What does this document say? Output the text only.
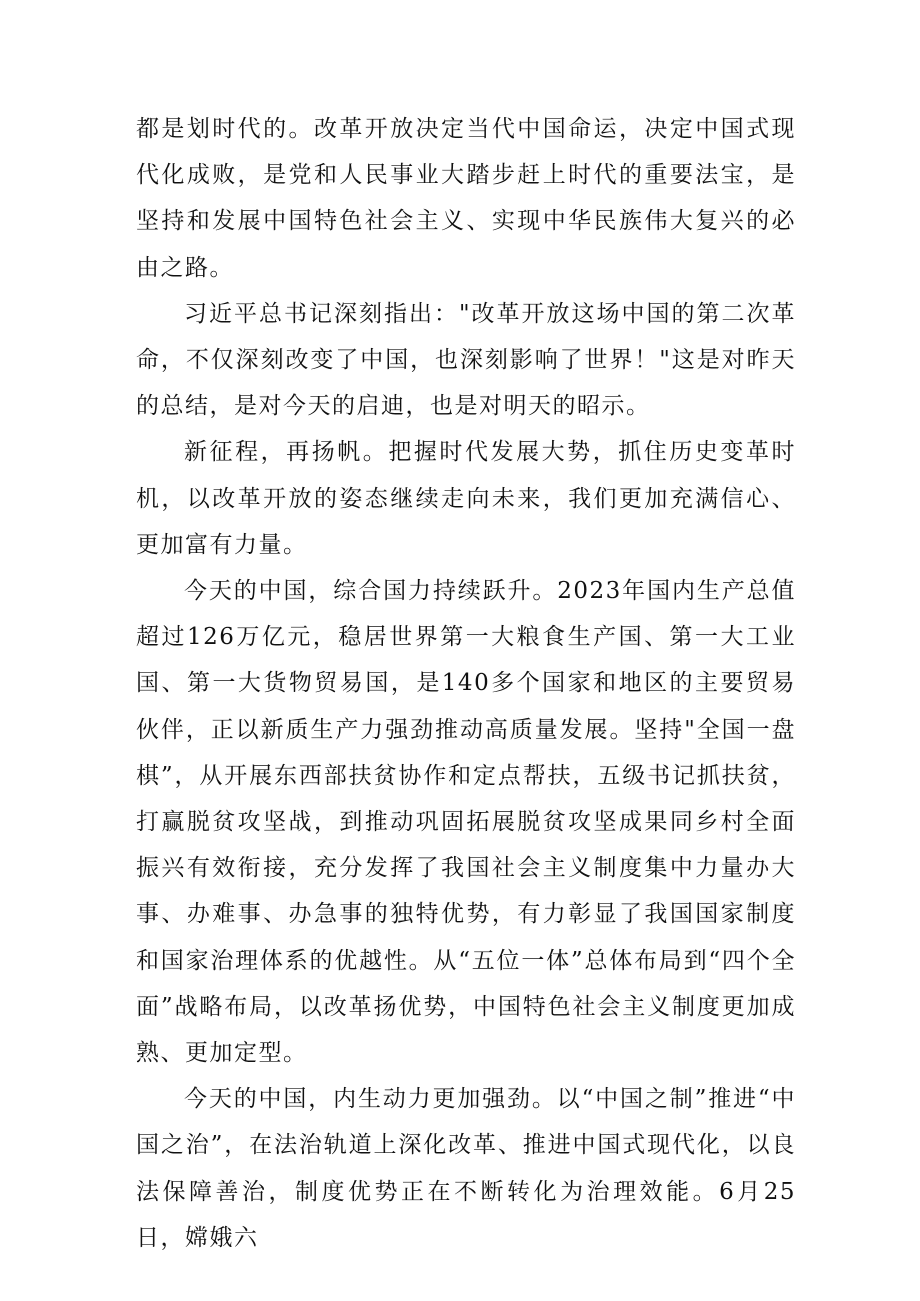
都是划时代的。改革开放决定当代中国命运，决定中国式现代化成败，是党和人民事业大踏步赶上时代的重要法宝，是坚持和发展中国特色社会主义、实现中华民族伟大复兴的必由之路。

习近平总书记深刻指出："改革开放这场中国的第二次革命，不仅深刻改变了中国，也深刻影响了世界！"这是对昨天的总结，是对今天的启迪，也是对明天的昭示。

新征程，再扬帆。把握时代发展大势，抓住历史变革时机，以改革开放的姿态继续走向未来，我们更加充满信心、更加富有力量。

今天的中国，综合国力持续跃升。2023年国内生产总值超过126万亿元，稳居世界第一大粮食生产国、第一大工业国、第一大货物贸易国，是140多个国家和地区的主要贸易伙伴，正以新质生产力强劲推动高质量发展。坚持"全国一盘棋”，从开展东西部扶贫协作和定点帮扶，五级书记抓扶贫，打赢脱贫攻坚战，到推动巩固拓展脱贫攻坚成果同乡村全面振兴有效衔接，充分发挥了我国社会主义制度集中力量办大事、办难事、办急事的独特优势，有力彰显了我国国家制度和国家治理体系的优越性。从“五位一体”总体布局到“四个全面”战略布局，以改革扬优势，中国特色社会主义制度更加成熟、更加定型。

今天的中国，内生动力更加强劲。以“中国之制”推进“中国之治”，在法治轨道上深化改革、推进中国式现代化，以良法保障善治，制度优势正在不断转化为治理效能。6月25日，嫦娥六
